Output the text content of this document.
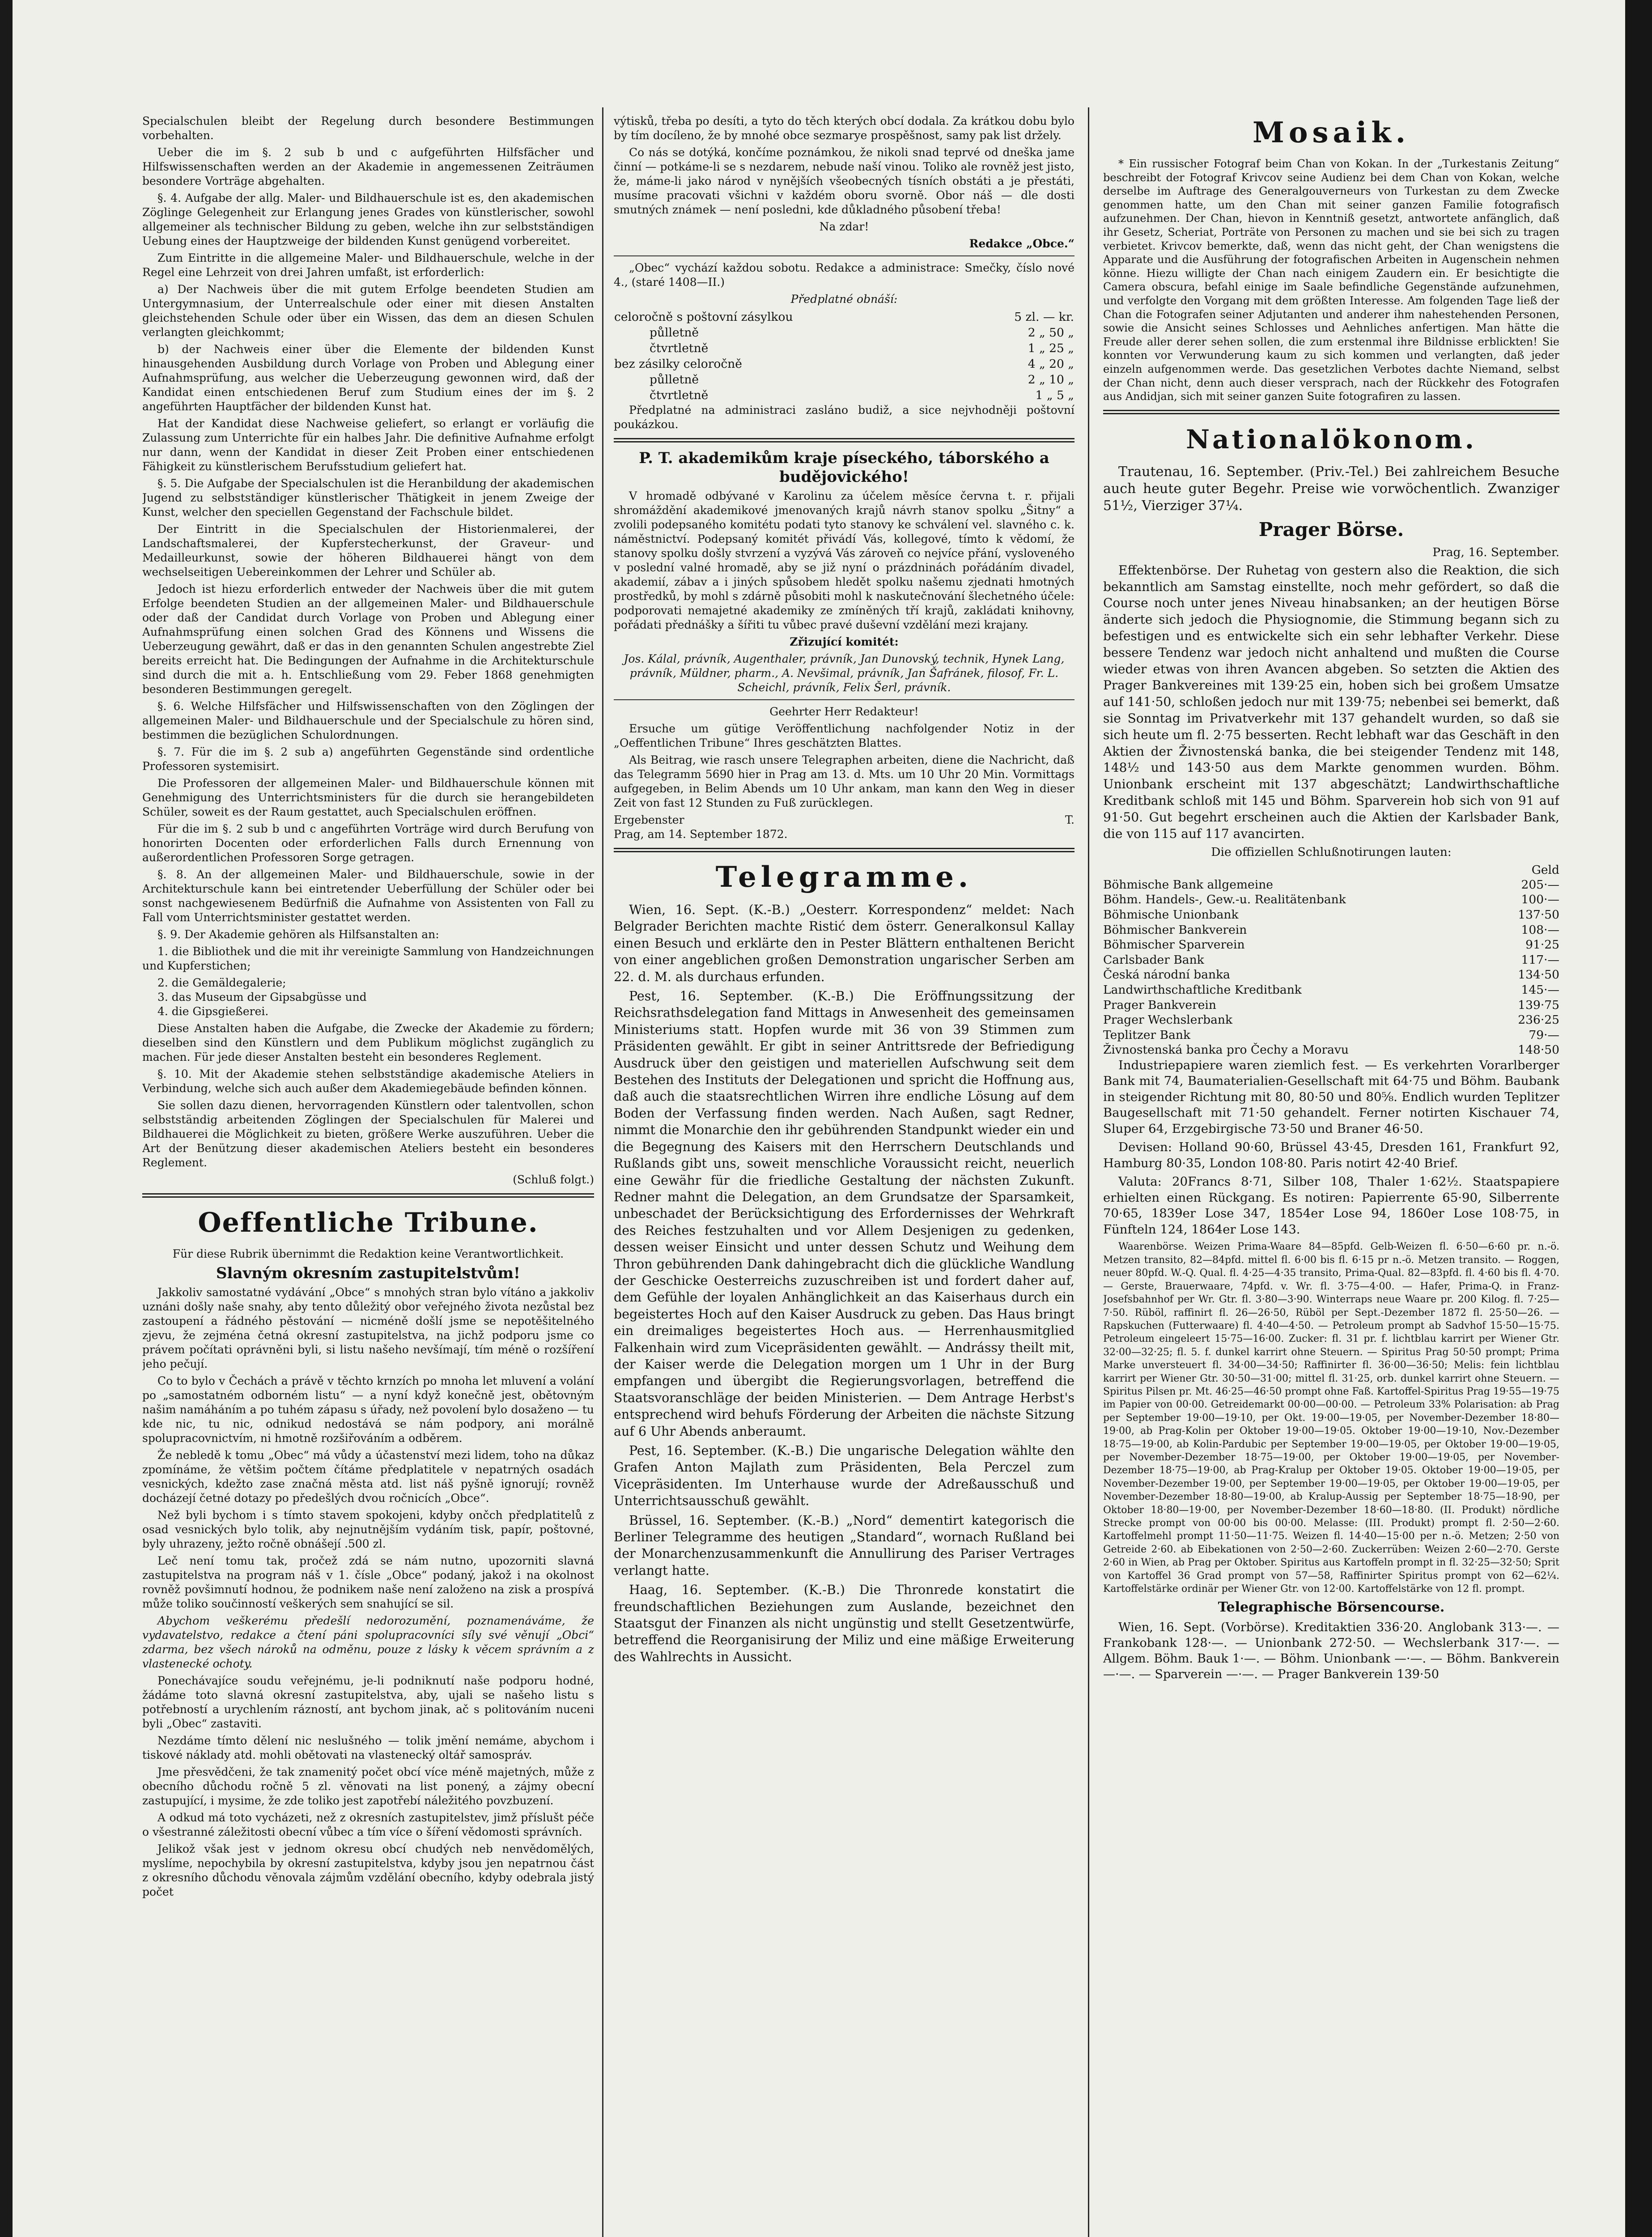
Specialschulen bleibt der Regelung durch besondere Bestimmungen vorbehalten.

Ueber die im §. 2 sub b und c aufgeführten Hilfsfächer und Hilfswissenschaften werden an der Akademie in angemessenen Zeiträumen besondere Vorträge abgehalten.

§. 4. Aufgabe der allg. Maler- und Bildhauerschule ist es, den akademischen Zöglinge Gelegenheit zur Erlangung jenes Grades von künstlerischer, sowohl allgemeiner als technischer Bildung zu geben, welche ihn zur selbstständigen Uebung eines der Hauptzweige der bildenden Kunst genügend vorbereitet.

Zum Eintritte in die allgemeine Maler- und Bildhauerschule, welche in der Regel eine Lehrzeit von drei Jahren umfaßt, ist erforderlich:

a) Der Nachweis über die mit gutem Erfolge beendeten Studien am Untergymnasium, der Unterrealschule oder einer mit diesen Anstalten gleichstehenden Schule oder über ein Wissen, das dem an diesen Schulen verlangten gleichkommt;

b) der Nachweis einer über die Elemente der bildenden Kunst hinausgehenden Ausbildung durch Vorlage von Proben und Ablegung einer Aufnahmsprüfung, aus welcher die Ueberzeugung gewonnen wird, daß der Kandidat einen entschiedenen Beruf zum Studium eines der im §. 2 angeführten Hauptfächer der bildenden Kunst hat.

Hat der Kandidat diese Nachweise geliefert, so erlangt er vorläufig die Zulassung zum Unterrichte für ein halbes Jahr. Die definitive Aufnahme erfolgt nur dann, wenn der Kandidat in dieser Zeit Proben einer entschiedenen Fähigkeit zu künstlerischem Berufsstudium geliefert hat.

§. 5. Die Aufgabe der Specialschulen ist die Heranbildung der akademischen Jugend zu selbstständiger künstlerischer Thätigkeit in jenem Zweige der Kunst, welcher den speciellen Gegenstand der Fachschule bildet.

Der Eintritt in die Specialschulen der Historienmalerei, der Landschaftsmalerei, der Kupferstecherkunst, der Graveur- und Medailleurkunst, sowie der höheren Bildhauerei hängt von dem wechselseitigen Uebereinkommen der Lehrer und Schüler ab.

Jedoch ist hiezu erforderlich entweder der Nachweis über die mit gutem Erfolge beendeten Studien an der allgemeinen Maler- und Bildhauerschule oder daß der Candidat durch Vorlage von Proben und Ablegung einer Aufnahmsprüfung einen solchen Grad des Könnens und Wissens die Ueberzeugung gewährt, daß er das in den genannten Schulen angestrebte Ziel bereits erreicht hat. Die Bedingungen der Aufnahme in die Architekturschule sind durch die mit a. h. Entschließung vom 29. Feber 1868 genehmigten besonderen Bestimmungen geregelt.

§. 6. Welche Hilfsfächer und Hilfswissenschaften von den Zöglingen der allgemeinen Maler- und Bildhauerschule und der Specialschule zu hören sind, bestimmen die bezüglichen Schulordnungen.

§. 7. Für die im §. 2 sub a) angeführten Gegenstände sind ordentliche Professoren systemisirt.

Die Professoren der allgemeinen Maler- und Bildhauerschule können mit Genehmigung des Unterrichtsministers für die durch sie herangebildeten Schüler, soweit es der Raum gestattet, auch Specialschulen eröffnen.

Für die im §. 2 sub b und c angeführten Vorträge wird durch Berufung von honorirten Docenten oder erforderlichen Falls durch Ernennung von außerordentlichen Professoren Sorge getragen.

§. 8. An der allgemeinen Maler- und Bildhauerschule, sowie in der Architekturschule kann bei eintretender Ueberfüllung der Schüler oder bei sonst nachgewiesenem Bedürfniß die Aufnahme von Assistenten von Fall zu Fall vom Unterrichtsminister gestattet werden.

§. 9. Der Akademie gehören als Hilfsanstalten an:

1. die Bibliothek und die mit ihr vereinigte Sammlung von Handzeichnungen und Kupferstichen;

2. die Gemäldegalerie;

3. das Museum der Gipsabgüsse und

4. die Gipsgießerei.

Diese Anstalten haben die Aufgabe, die Zwecke der Akademie zu fördern; dieselben sind den Künstlern und dem Publikum möglichst zugänglich zu machen. Für jede dieser Anstalten besteht ein besonderes Reglement.

§. 10. Mit der Akademie stehen selbstständige akademische Ateliers in Verbindung, welche sich auch außer dem Akademiegebäude befinden können.

Sie sollen dazu dienen, hervorragenden Künstlern oder talentvollen, schon selbstständig arbeitenden Zöglingen der Specialschulen für Malerei und Bildhauerei die Möglichkeit zu bieten, größere Werke auszuführen. Ueber die Art der Benützung dieser akademischen Ateliers besteht ein besonderes Reglement.

(Schluß folgt.)

Oeffentliche Tribune.

Für diese Rubrik übernimmt die Redaktion keine Verantwortlichkeit.

Slavným okresním zastupitelstvům!

Jakkoliv samostatné vydávání „Obce“ s mnohých stran bylo vítáno a jakkoliv uznáni došly naše snahy, aby tento důležitý obor veřejného života nezůstal bez zastoupení a řádného pěstování — nicméně došlí jsme se nepotěšitelného zjevu, že zejména četná okresní zastupitelstva, na jichž podporu jsme co právem počítati oprávněni byli, si listu našeho nevšímají, tím méně o rozšíření jeho pečují.

Co to bylo v Čechách a právě v těchto krnzích po mnoha let mluvení a volání po „samostatném odborném listu“ — a nyní když konečně jest, obětovným našim namáháním a po tuhém zápasu s úřady, než povolení bylo dosaženo — tu kde nic, tu nic, odnikud nedostává se nám podpory, ani morálně spolupracovnictvím, ni hmotně rozšiřováním a odběrem.

Že nebledě k tomu „Obec“ má vůdy a účastenství mezi lidem, toho na důkaz zpomínáme, že většim počtem čítáme předplatitele v nepatrných osadách vesnických, kdežto zase značná města atd. list náš pyšně ignorují; rovněž docházejí četné dotazy po předešlých dvou ročnicích „Obce“.

Než byli bychom i s tímto stavem spokojeni, kdyby ončch předplatitelů z osad vesnických bylo tolik, aby nejnutnějším vydáním tisk, papír, poštovné, byly uhrazeny, ježto ročně obnášejí .500 zl.

Leč není tomu tak, pročež zdá se nám nutno, upozorniti slavná zastupitelstva na program náš v 1. čísle „Obce“ podaný, jakož i na okolnost rovněž povšimnutí hodnou, že podnikem naše není založeno na zisk a prospívá může toliko součinností veškerých sem snahující se sil.

Abychom veškerému předešlí nedorozumění, poznamenáváme, že vydavatelstvo, redakce a čtení páni spolupracovníci síly své věnují „Obci“ zdarma, bez všech nároků na odměnu, pouze z lásky k věcem správním a z vlastenecké ochoty.

Ponechávajíce soudu veřejnému, je-li podniknutí naše podporu hodné, žádáme toto slavná okresní zastupitelstva, aby, ujali se našeho listu s potřebností a urychlením rázností, ant bychom jinak, ač s politováním nuceni byli „Obec“ zastaviti.

Nezdáme tímto dělení nic neslušného — tolik jmění nemáme, abychom i tiskové náklady atd. mohli obětovati na vlastenecký oltář samospráv.

Jme přesvědčeni, že tak znamenitý počet obcí více méně majetných, může z obecního důchodu ročně 5 zl. věnovati na list ponený, a zájmy obecní zastupující, i mysime, že zde toliko jest zapotřebí náležitého povzbuzení.

A odkud má toto vycházeti, než z okresních zastupitelstev, jimž příslušt péče o všestranné záležitosti obecní vůbec a tím více o šíření vědomosti správních.

Jelikož však jest v jednom okresu obcí chudých neb nenvědomělých, myslíme, nepochybila by okresní zastupitelstva, kdyby jsou jen nepatrnou část z okresního důchodu věnovala zájmům vzdělání obecního, kdyby odebrala jistý počet

výtisků, třeba po desíti, a tyto do těch kterých obcí dodala. Za krátkou dobu bylo by tím docíleno, že by mnohé obce sezmarye prospěšnost, samy pak list držely.

Co nás se dotýká, končíme poznámkou, že nikoli snad teprvé od dneška jame činní — potkáme-li se s nezdarem, nebude naší vinou. Toliko ale rovněž jest jisto, že, máme-li jako národ v nynějších všeobecných tísních obstáti a je přestáti, musíme pracovati všichni v každém oboru svorně. Obor náš — dle dosti smutných známek — není posledni, kde důkladného působení třeba!

Na zdar!

Redakce „Obce.“

„Obec“ vychází každou sobotu. Redakce a administrace: Smečky, číslo nové 4., (staré 1408—II.)

Předplatné obnáší:

celoročně s poštovní zásylkou	5 zl. — kr.
půlletně	2 „ 50 „
čtvrtletně	1 „ 25 „
bez zásilky celoročně	4 „ 20 „
půlletně	2 „ 10 „
čtvrtletně	1 „ 5 „

Předplatné na administraci zasláno budiž, a sice nejvhodněji poštovní poukázkou.

P. T. akademikům kraje píseckého, táborského a budějovického!

V hromadě odbývané v Karolinu za účelem měsíce června t. r. přijali shromáždění akademikové jmenovaných krajů návrh stanov spolku „Šitny“ a zvolili podepsaného komitétu podati tyto stanovy ke schválení vel. slavného c. k. náměstnictví. Podepsaný komitét přivádí Vás, kollegové, tímto k vědomí, že stanovy spolku došly stvrzení a vyzývá Vás zároveň co nejvíce přání, vysloveného v poslední valné hromadě, aby se již nyní o prázdninách pořádáním divadel, akademií, zábav a i jiných spůsobem hledět spolku našemu zjednati hmotných prostředků, by mohl s zdárně působiti mohl k naskutečnování šlechetného účele: podporovati nemajetné akademiky ze zmíněných tří krajů, zakládati knihovny, pořádati přednášky a šířiti tu vůbec pravé duševní vzdělání mezi krajany.

Zřizující komitét:

Jos. Kálal, právník, Augenthaler, právník, Jan Dunovský, technik, Hynek Lang, právník, Müldner, pharm., A. Nevšimal, právník, Jan Šafránek, filosof, Fr. L. Scheichl, právník, Felix Šerl, právník.

Geehrter Herr Redakteur!

Ersuche um gütige Veröffentlichung nachfolgender Notiz in der „Oeffentlichen Tribune“ Ihres geschätzten Blattes.

Als Beitrag, wie rasch unsere Telegraphen arbeiten, diene die Nachricht, daß das Telegramm 5690 hier in Prag am 13. d. Mts. um 10 Uhr 20 Min. Vormittags aufgegeben, in Belim Abends um 10 Uhr ankam, man kann den Weg in dieser Zeit von fast 12 Stunden zu Fuß zurücklegen.

Ergebenster	T.

Prag, am 14. September 1872.

Telegramme.

Wien, 16. Sept. (K.-B.) „Oesterr. Korrespondenz“ meldet: Nach Belgrader Berichten machte Ristić dem österr. Generalkonsul Kallay einen Besuch und erklärte den in Pester Blättern enthaltenen Bericht von einer angeblichen großen Demonstration ungarischer Serben am 22. d. M. als durchaus erfunden.

Pest, 16. September. (K.-B.) Die Eröffnungssitzung der Reichsrathsdelegation fand Mittags in Anwesenheit des gemeinsamen Ministeriums statt. Hopfen wurde mit 36 von 39 Stimmen zum Präsidenten gewählt. Er gibt in seiner Antrittsrede der Befriedigung Ausdruck über den geistigen und materiellen Aufschwung seit dem Bestehen des Instituts der Delegationen und spricht die Hoffnung aus, daß auch die staatsrechtlichen Wirren ihre endliche Lösung auf dem Boden der Verfassung finden werden. Nach Außen, sagt Redner, nimmt die Monarchie den ihr gebührenden Standpunkt wieder ein und die Begegnung des Kaisers mit den Herrschern Deutschlands und Rußlands gibt uns, soweit menschliche Voraussicht reicht, neuerlich eine Gewähr für die friedliche Gestaltung der nächsten Zukunft. Redner mahnt die Delegation, an dem Grundsatze der Sparsamkeit, unbeschadet der Berücksichtigung des Erfordernisses der Wehrkraft des Reiches festzuhalten und vor Allem Desjenigen zu gedenken, dessen weiser Einsicht und unter dessen Schutz und Weihung dem Thron gebührenden Dank dahingebracht dich die glückliche Wandlung der Geschicke Oesterreichs zuzuschreiben ist und fordert daher auf, dem Gefühle der loyalen Anhänglichkeit an das Kaiserhaus durch ein begeistertes Hoch auf den Kaiser Ausdruck zu geben. Das Haus bringt ein dreimaliges begeistertes Hoch aus. — Herrenhausmitglied Falkenhain wird zum Vicepräsidenten gewählt. — Andrássy theilt mit, der Kaiser werde die Delegation morgen um 1 Uhr in der Burg empfangen und übergibt die Regierungsvorlagen, betreffend die Staatsvoranschläge der beiden Ministerien. — Dem Antrage Herbst's entsprechend wird behufs Förderung der Arbeiten die nächste Sitzung auf 6 Uhr Abends anberaumt.

Pest, 16. September. (K.-B.) Die ungarische Delegation wählte den Grafen Anton Majlath zum Präsidenten, Bela Perczel zum Vicepräsidenten. Im Unterhause wurde der Adreßausschuß und Unterrichtsausschuß gewählt.

Brüssel, 16. September. (K.-B.) „Nord“ dementirt kategorisch die Berliner Telegramme des heutigen „Standard“, wornach Rußland bei der Monarchenzusammenkunft die Annullirung des Pariser Vertrages verlangt hatte.

Haag, 16. September. (K.-B.) Die Thronrede konstatirt die freundschaftlichen Beziehungen zum Auslande, bezeichnet den Staatsgut der Finanzen als nicht ungünstig und stellt Gesetzentwürfe, betreffend die Reorganisirung der Miliz und eine mäßige Erweiterung des Wahlrechts in Aussicht.

Mosaik.

* Ein russischer Fotograf beim Chan von Kokan. In der „Turkestanis Zeitung“ beschreibt der Fotograf Krivcov seine Audienz bei dem Chan von Kokan, welche derselbe im Auftrage des Generalgouverneurs von Turkestan zu dem Zwecke genommen hatte, um den Chan mit seiner ganzen Familie fotografisch aufzunehmen. Der Chan, hievon in Kenntniß gesetzt, antwortete anfänglich, daß ihr Gesetz, Scheriat, Porträte von Personen zu machen und sie bei sich zu tragen verbietet. Krivcov bemerkte, daß, wenn das nicht geht, der Chan wenigstens die Apparate und die Ausführung der fotografischen Arbeiten in Augenschein nehmen könne. Hiezu willigte der Chan nach einigem Zaudern ein. Er besichtigte die Camera obscura, befahl einige im Saale befindliche Gegenstände aufzunehmen, und verfolgte den Vorgang mit dem größten Interesse. Am folgenden Tage ließ der Chan die Fotografen seiner Adjutanten und anderer ihm nahestehenden Personen, sowie die Ansicht seines Schlosses und Aehnliches anfertigen. Man hätte die Freude aller derer sehen sollen, die zum erstenmal ihre Bildnisse erblickten! Sie konnten vor Verwunderung kaum zu sich kommen und verlangten, daß jeder einzeln aufgenommen werde. Das gesetzlichen Verbotes dachte Niemand, selbst der Chan nicht, denn auch dieser versprach, nach der Rückkehr des Fotografen aus Andidjan, sich mit seiner ganzen Suite fotografiren zu lassen.

Nationalökonom.

Trautenau, 16. September. (Priv.-Tel.) Bei zahlreichem Besuche auch heute guter Begehr. Preise wie vorwöchentlich. Zwanziger 51½, Vierziger 37¼.

Prager Börse.

Prag, 16. September.

Effektenbörse. Der Ruhetag von gestern also die Reaktion, die sich bekanntlich am Samstag einstellte, noch mehr gefördert, so daß die Course noch unter jenes Niveau hinabsanken; an der heutigen Börse änderte sich jedoch die Physiognomie, die Stimmung begann sich zu befestigen und es entwickelte sich ein sehr lebhafter Verkehr. Diese bessere Tendenz war jedoch nicht anhaltend und mußten die Course wieder etwas von ihren Avancen abgeben. So setzten die Aktien des Prager Bankvereines mit 139·25 ein, hoben sich bei großem Umsatze auf 141·50, schloßen jedoch nur mit 139·75; nebenbei sei bemerkt, daß sie Sonntag im Privatverkehr mit 137 gehandelt wurden, so daß sie sich heute um fl. 2·75 besserten. Recht lebhaft war das Geschäft in den Aktien der Živnostenská banka, die bei steigender Tendenz mit 148, 148½ und 143·50 aus dem Markte genommen wurden. Böhm. Unionbank erscheint mit 137 abgeschätzt; Landwirthschaftliche Kreditbank schloß mit 145 und Böhm. Sparverein hob sich von 91 auf 91·50. Gut begehrt erscheinen auch die Aktien der Karlsbader Bank, die von 115 auf 117 avancirten.

Die offiziellen Schlußnotirungen lauten:

Geld

Böhmische Bank allgemeine	205·—
Böhm. Handels-, Gew.-u. Realitätenbank	100·—
Böhmische Unionbank	137·50
Böhmischer Bankverein	108·—
Böhmischer Sparverein	91·25
Carlsbader Bank	117·—
Česká národní banka	134·50
Landwirthschaftliche Kreditbank	145·—
Prager Bankverein	139·75
Prager Wechslerbank	236·25
Teplitzer Bank	79·—
Živnostenská banka pro Čechy a Moravu	148·50

Industriepapiere waren ziemlich fest. — Es verkehrten Vorarlberger Bank mit 74, Baumaterialien-Gesellschaft mit 64·75 und Böhm. Baubank in steigender Richtung mit 80, 80·50 und 80⅝. Endlich wurden Teplitzer Baugesellschaft mit 71·50 gehandelt. Ferner notirten Kischauer 74, Sluper 64, Erzgebirgische 73·50 und Braner 46·50.

Devisen: Holland 90·60, Brüssel 43·45, Dresden 161, Frankfurt 92, Hamburg 80·35, London 108·80. Paris notirt 42·40 Brief.

Valuta: 20Francs 8·71, Silber 108, Thaler 1·62½. Staatspapiere erhielten einen Rückgang. Es notiren: Papierrente 65·90, Silberrente 70·65, 1839er Lose 347, 1854er Lose 94, 1860er Lose 108·75, in Fünfteln 124, 1864er Lose 143.

Waarenbörse. Weizen Prima-Waare 84—85pfd. Gelb-Weizen fl. 6·50—6·60 pr. n.-ö. Metzen transito, 82—84pfd. mittel fl. 6·00 bis fl. 6·15 pr n.-ö. Metzen transito. — Roggen, neuer 80pfd. W.-Q. Qual. fl. 4·25—4·35 transito, Prima-Qual. 82—83pfd. fl. 4·60 bis fl. 4·70. — Gerste, Brauerwaare, 74pfd. v. Wr. fl. 3·75—4·00. — Hafer, Prima-Q. in Franz-Josefsbahnhof per Wr. Gtr. fl. 3·80—3·90. Winterraps neue Waare pr. 200 Kilog. fl. 7·25—7·50. Rüböl, raffinirt fl. 26—26·50, Rüböl per Sept.-Dezember 1872 fl. 25·50—26. — Rapskuchen (Futterwaare) fl. 4·40—4·50. — Petroleum prompt ab Sadvhof 15·50—15·75. Petroleum eingeleert 15·75—16·00. Zucker: fl. 31 pr. f. lichtblau karrirt per Wiener Gtr. 32·00—32·25; fl. 5. f. dunkel karrirt ohne Steuern. — Spiritus Prag 50·50 prompt; Prima Marke unversteuert fl. 34·00—34·50; Raffinirter fl. 36·00—36·50; Melis: fein lichtblau karrirt per Wiener Gtr. 30·50—31·00; mittel fl. 31·25, orb. dunkel karrirt ohne Steuern. — Spiritus Pilsen pr. Mt. 46·25—46·50 prompt ohne Faß. Kartoffel-Spiritus Prag 19·55—19·75 im Papier von 00·00. Getreidemarkt 00·00—00·00. — Petroleum 33% Polarisation: ab Prag per September 19·00—19·10, per Okt. 19·00—19·05, per November-Dezember 18·80—19·00, ab Prag-Kolin per Oktober 19·00—19·05. Oktober 19·00—19·10, Nov.-Dezember 18·75—19·00, ab Kolin-Pardubic per September 19·00—19·05, per Oktober 19·00—19·05, per November-Dezember 18·75—19·00, per Oktober 19·00—19·05, per November-Dezember 18·75—19·00, ab Prag-Kralup per Oktober 19·05. Oktober 19·00—19·05, per November-Dezember 19·00, per September 19·00—19·05, per Oktober 19·00—19·05, per November-Dezember 18·80—19·00, ab Kralup-Aussig per September 18·75—18·90, per Oktober 18·80—19·00, per November-Dezember 18·60—18·80. (II. Produkt) nördliche Strecke prompt von 00·00 bis 00·00. Melasse: (III. Produkt) prompt fl. 2·50—2·60. Kartoffelmehl prompt 11·50—11·75. Weizen fl. 14·40—15·00 per n.-ö. Metzen; 2·50 von Getreide 2·60. ab Eibekationen von 2·50—2·60. Zuckerrüben: Weizen 2·60—2·70. Gerste 2·60 in Wien, ab Prag per Oktober. Spiritus aus Kartoffeln prompt in fl. 32·25—32·50; Sprit von Kartoffel 36 Grad prompt von 57—58, Raffinirter Spiritus prompt von 62—62¼. Kartoffelstärke ordinär per Wiener Gtr. von 12·00. Kartoffelstärke von 12 fl. prompt.

Telegraphische Börsencourse.

Wien, 16. Sept. (Vorbörse). Kreditaktien 336·20. Anglobank 313·—. — Frankobank 128·—. — Unionbank 272·50. — Wechslerbank 317·—. — Allgem. Böhm. Bauk 1·—. — Böhm. Unionbank —·—. — Böhm. Bankverein —·—. — Sparverein —·—. — Prager Bankverein 139·50
